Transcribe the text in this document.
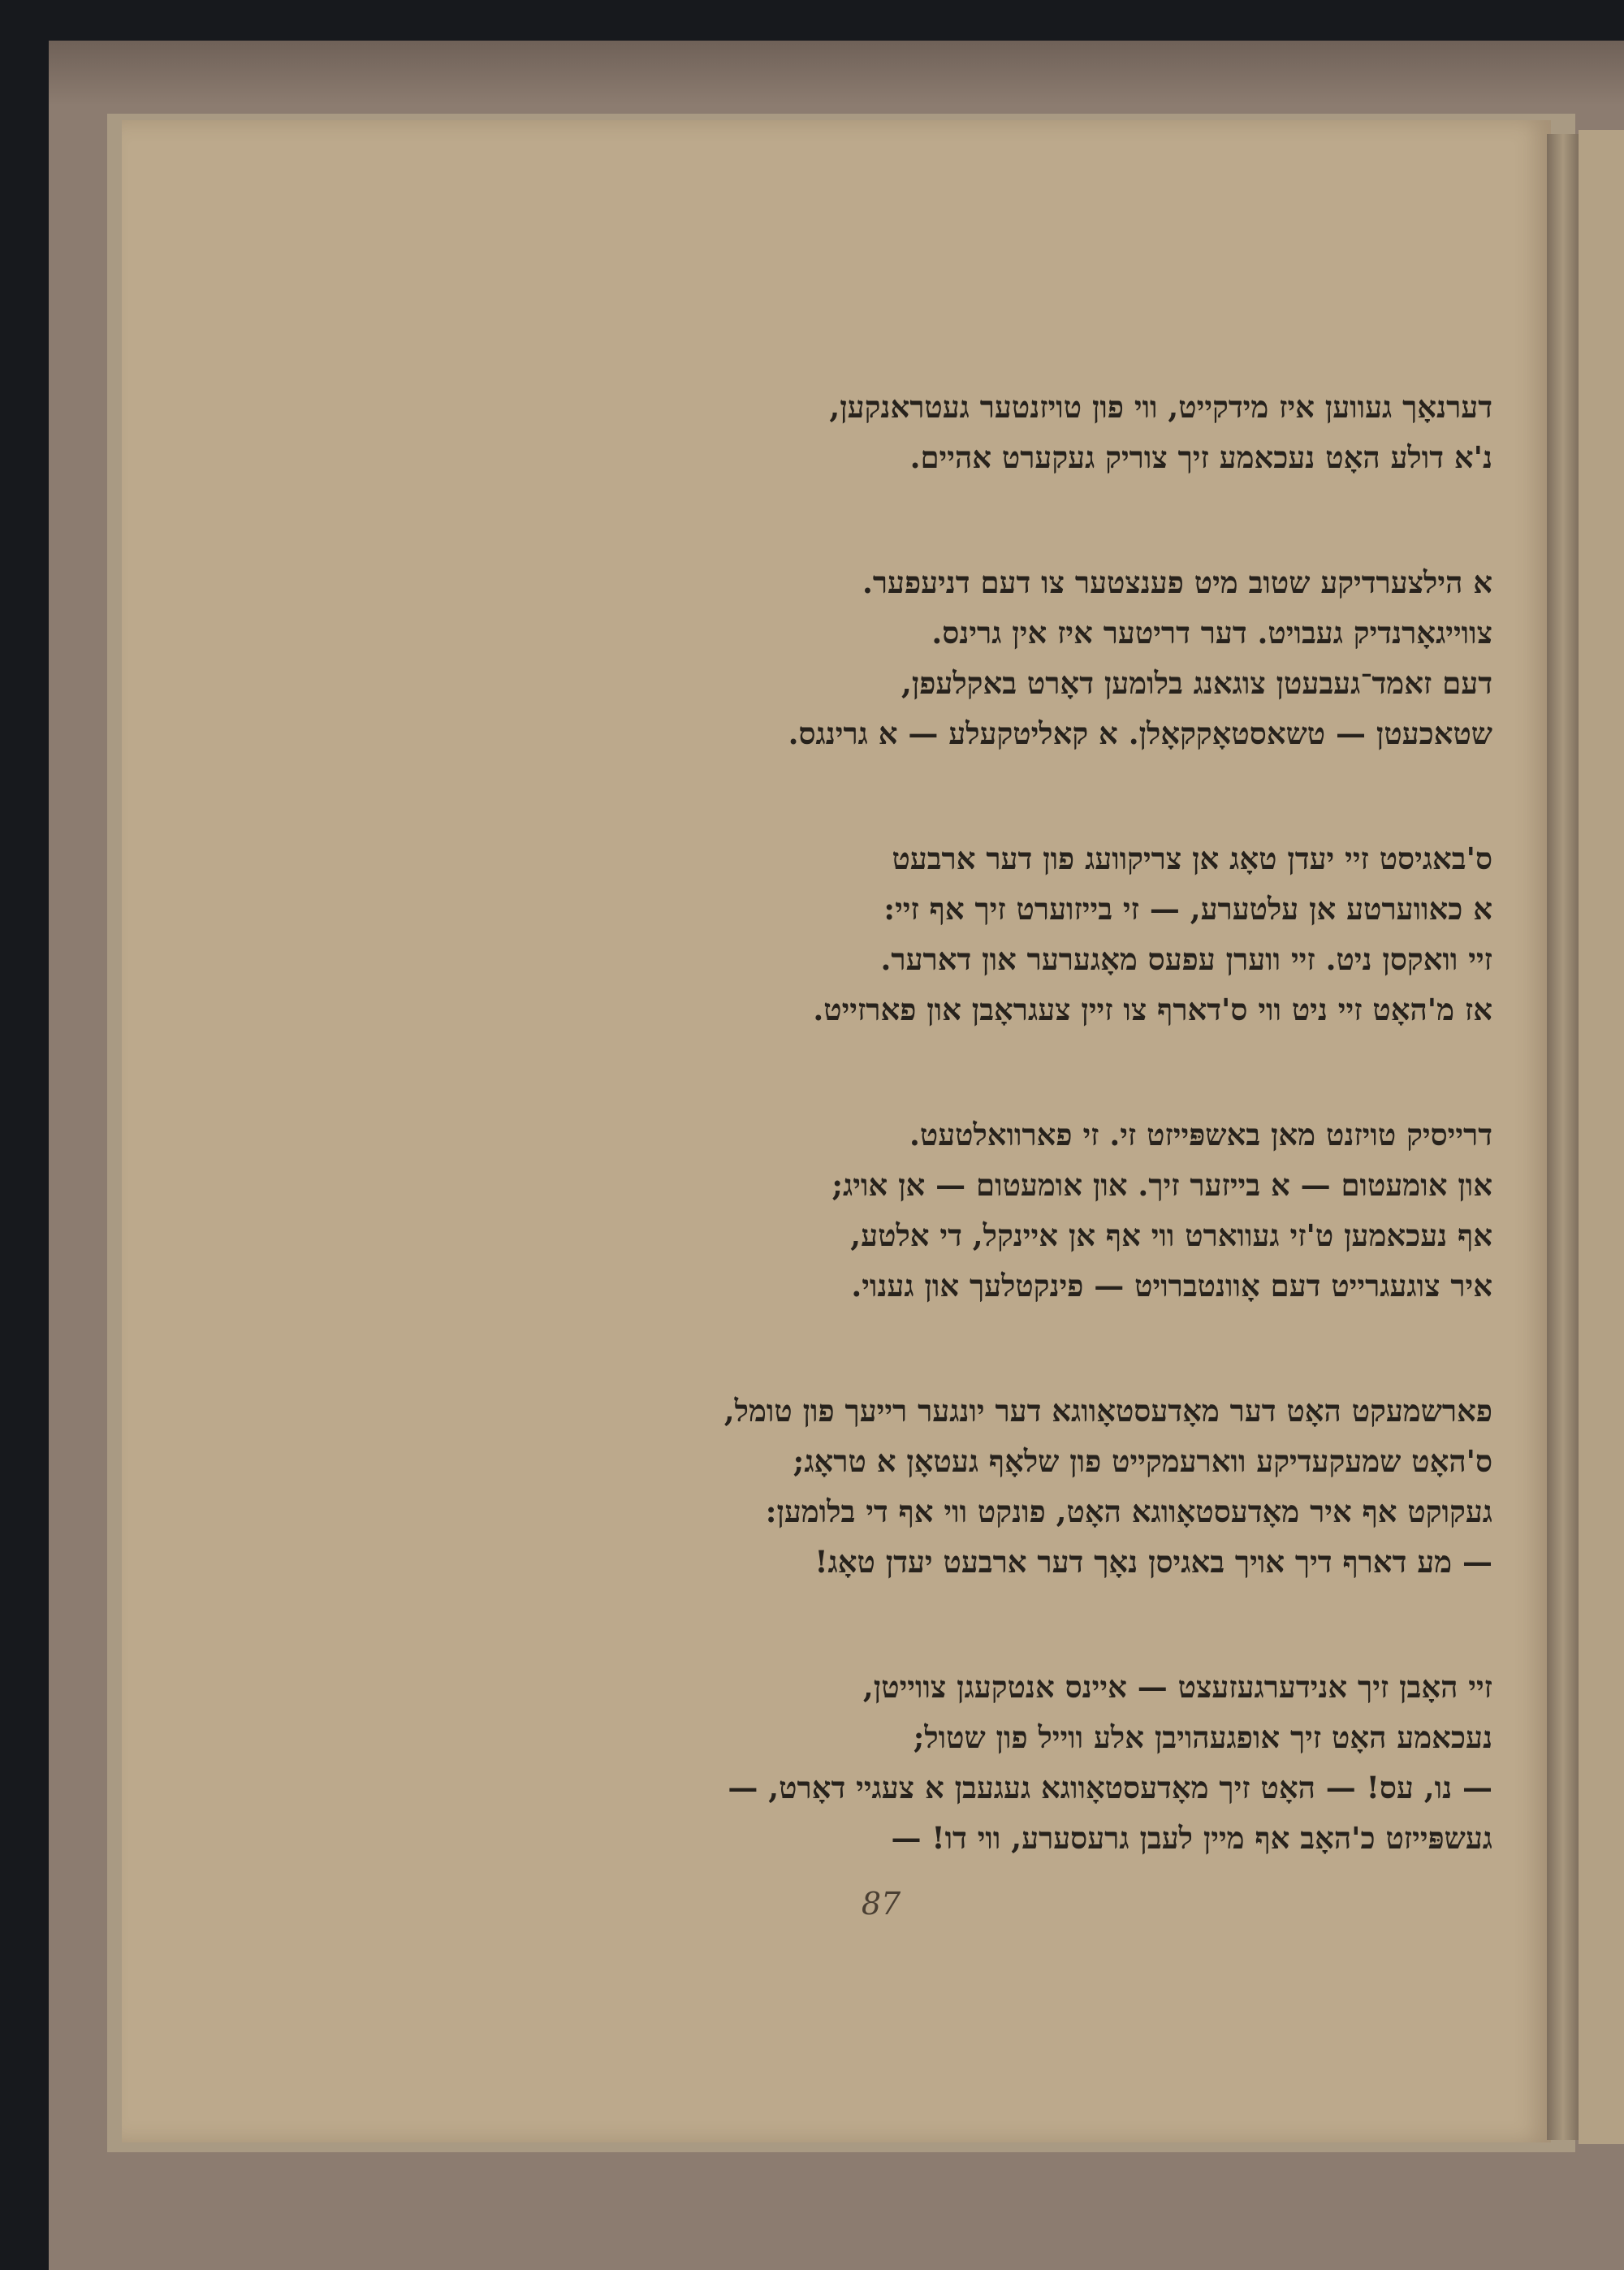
דערנאָך געווען איז מידקייט, ווי פון טויזנטער געטראנקען,
נ'א דולע האָט נעכאמע זיך צוריק געקערט אהיים.
א הילצערדיקע שטוב מיט פענצטער צו דעם דניעפער.
צווייגאָרנדיק געבויט. דער דריטער איז אין גרינס.
דעם זאמד־געבעטן צוגאנג בלומען דאָרט באקלעפן,
שטאכעטן — טשאסטאָקקאָלן. א קאליטקעלע — א גרינגס.
ס'באגיסט זיי יעדן טאָג אן צריקוועג פון דער ארבעט
א כאווערטע אן עלטערע, — זי בייזוערט זיך אף זיי:
זיי וואקסן ניט. זיי ווערן עפעס מאָגערער און דארער.
אז מ'האָט זיי ניט ווי ס'דארף צו זיין צעגראָבן און פארזייט.
דרייסיק טויזנט מאן באשפּייזט זי. זי פארוואלטעט.
און אומעטום — א בייזער זיך. און אומעטום — אן אויג;
אף נעכאמען ט'זי געווארט ווי אף אן איינקל, די אלטע,
איר צוגעגרייט דעם אָוונטברויט — פינקטלעך און גענוי.
פארשמעקט האָט דער מאָדעסטאָווגא דער יונגער רייעך פון טומל,
ס'האָט שמעקעדיקע ווארעמקייט פון שלאָף געטאָן א טראָג;
געקוקט אף איר מאָדעסטאָווגא האָט, פונקט ווי אף די בלומען:
— מע דארף דיך אויך באגיסן נאָך דער ארבעט יעדן טאָג!
זיי האָבן זיך אנידערגעזעצט — איינס אנטקעגן צווייטן,
נעכאמע האָט זיך אופגעהויבן אלע ווייל פון שטול;
— נו, עס! — האָט זיך מאָדעסטאָווגא געגעבן א צעגיי דאָרט, —
געשפּייזט כ'האָב אף מיין לעבן גרעסערע, ווי דו! —
87
